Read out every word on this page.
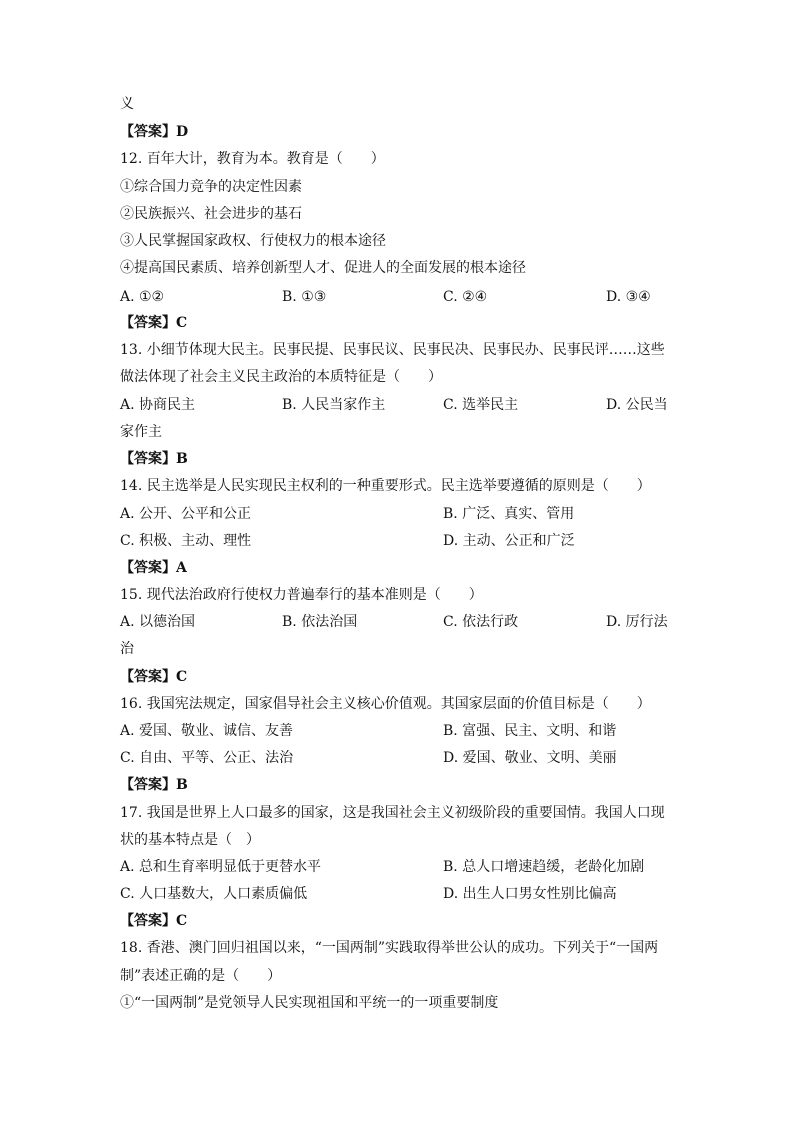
义
【答案】D
12. 百年大计，教育为本。教育是（　　）
①综合国力竞争的决定性因素
②民族振兴、社会进步的基石
③人民掌握国家政权、行使权力的根本途径
④提高国民素质、培养创新型人才、促进人的全面发展的根本途径
A. ①②	B. ①③	C. ②④	D. ③④
【答案】C
13. 小细节体现大民主。民事民提、民事民议、民事民决、民事民办、民事民评……这些
做法体现了社会主义民主政治的本质特征是（　　）
A. 协商民主	B. 人民当家作主	C. 选举民主	D. 公民当
家作主
【答案】B
14. 民主选举是人民实现民主权利的一种重要形式。民主选举要遵循的原则是（　　）
A. 公开、公平和公正	B. 广泛、真实、管用
C. 积极、主动、理性	D. 主动、公正和广泛
【答案】A
15. 现代法治政府行使权力普遍奉行的基本准则是（　　）
A. 以德治国	B. 依法治国	C. 依法行政	D. 厉行法
治
【答案】C
16. 我国宪法规定，国家倡导社会主义核心价值观。其国家层面的价值目标是（　　）
A. 爱国、敬业、诚信、友善	B. 富强、民主、文明、和谐
C. 自由、平等、公正、法治	D. 爱国、敬业、文明、美丽
【答案】B
17. 我国是世界上人口最多的国家，这是我国社会主义初级阶段的重要国情。我国人口现
状的基本特点是（　）
A. 总和生育率明显低于更替水平	B. 总人口增速趋缓，老龄化加剧
C. 人口基数大，人口素质偏低	D. 出生人口男女性别比偏高
【答案】C
18. 香港、澳门回归祖国以来，“一国两制”实践取得举世公认的成功。下列关于“一国两
制”表述正确的是（　　）
①“一国两制”是党领导人民实现祖国和平统一的一项重要制度
